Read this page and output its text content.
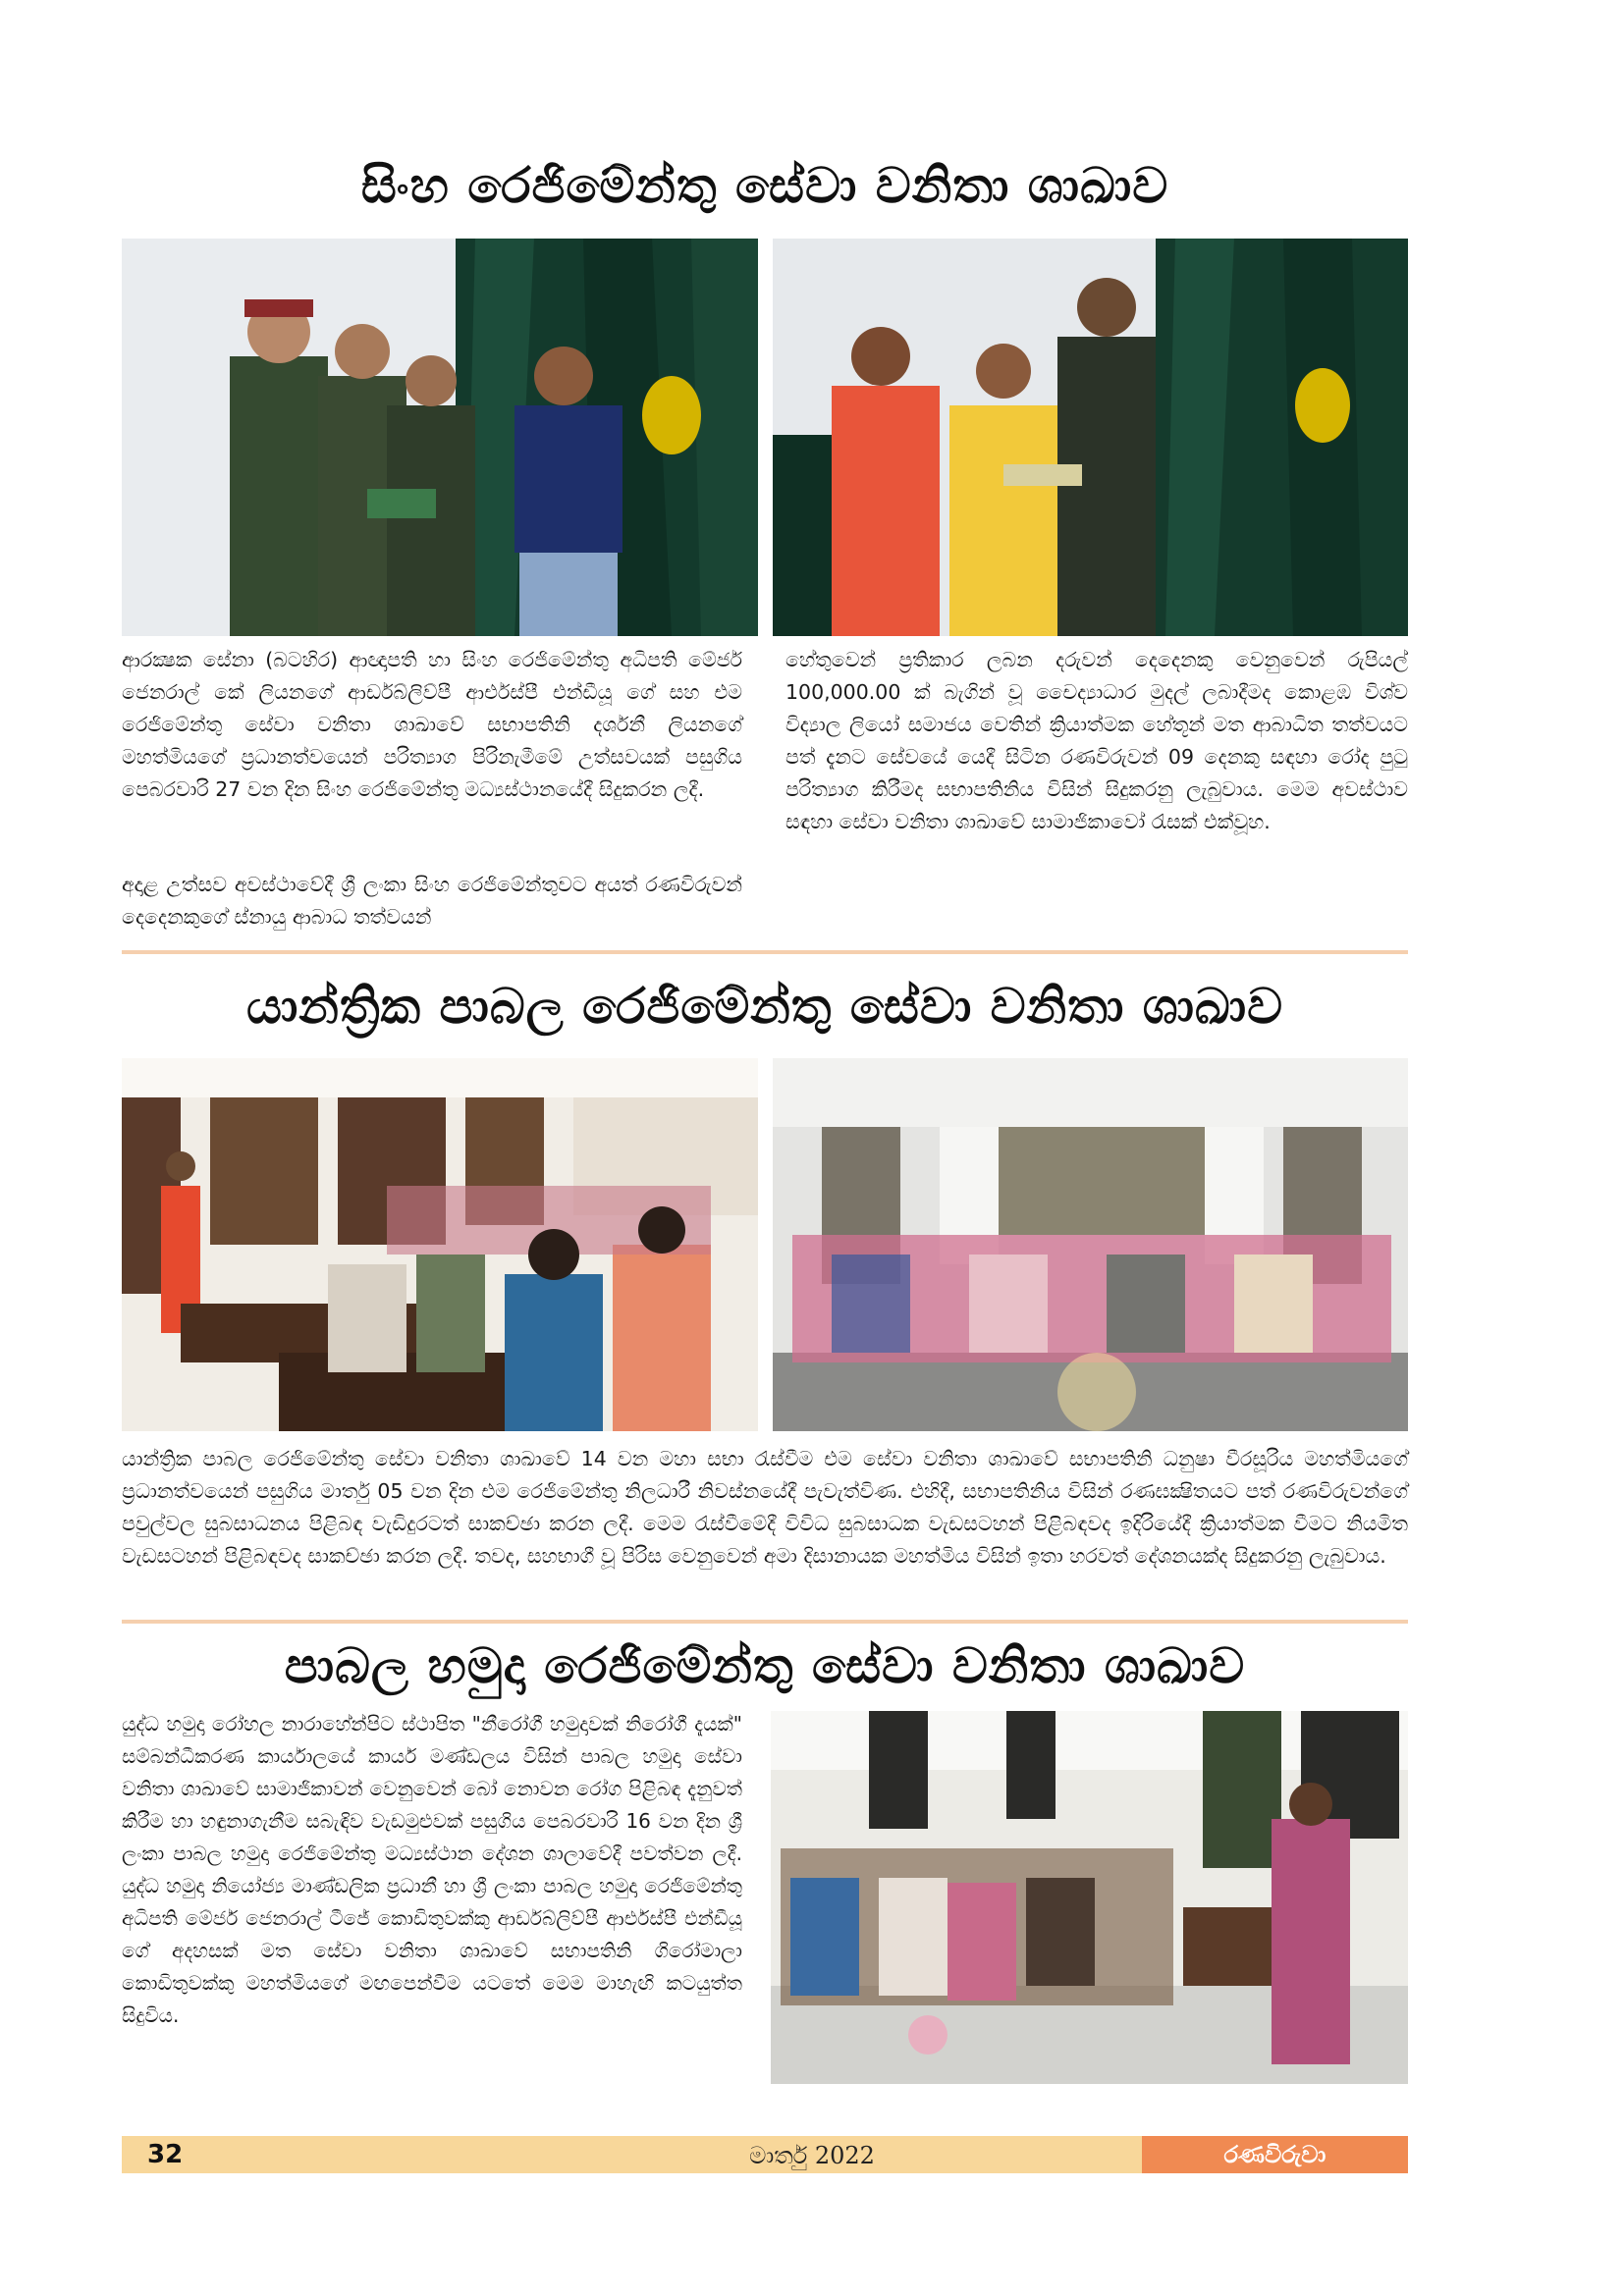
සිංහ රෙජිමේන්තු සේවා වනිතා ශාඛාව

ආරක්‍ෂක සේනා (බටහිර) ආඥාපති හා සිංහ රෙජිමේන්තු අධිපති මේජර් ජෙනරාල් කේ ලියනගේ ආර්ඩබ්ලිව්පී ආර්එස්පී එන්ඩීයූ ගේ සහ එම රෙජිමේන්තු සේවා වනිතා ශාඛාවේ සභාපතිනි දර්ශනී ලියනගේ මහත්මියගේ ප්‍රධානත්වයෙන් පරිත්‍යාග පිරිනැමීමේ උත්සවයක් පසුගිය පෙබරවාරි 27 වන දින සිංහ රෙජිමේන්තු මධ්‍යස්ථානයේදී සිදුකරන ලදී.

අදාළ උත්සව අවස්ථාවේදී ශ්‍රී ලංකා සිංහ රෙජිමේන්තුවට අයත් රණවිරුවන් දෙදෙනකුගේ ස්නායු ආබාධ තත්වයන්

හේතුවෙන් ප්‍රතිකාර ලබන දරුවන් දෙදෙනකු වෙනුවෙන් රුපියල් 100,000.00 ක් බැගින් වූ චෛද්‍යාධාර මුදල් ලබාදීමද කොළඹ විශ්ව විද්‍යාල ලියෝ සමාජය වෙතින් ක්‍රියාත්මක හේතූන් මත ආබාධිත තත්වයට පත් දැනට සේවයේ යෙදී සිටින රණවිරුවන් 09 දෙනකු සඳහා රෝද පුටු පරිත්‍යාග කිරීමද සභාපතිනිය විසින් සිදුකරනු ලැබුවාය. මෙම අවස්ථාව සඳහා සේවා වනිතා ශාඛාවේ සාමාජිකාවෝ රැසක් එක්වූහ.

යාන්ත්‍රික පාබල රෙජිමේන්තු සේවා වනිතා ශාඛාව

යාන්ත්‍රික පාබල රෙජිමේන්තු සේවා වනිතා ශාඛාවේ 14 වන මහා සභා රැස්වීම එම සේවා වනිතා ශාඛාවේ සභාපතිනි ධනුෂා වීරසූරිය මහත්මියගේ ප්‍රධානත්වයෙන් පසුගිය මාර්තු 05 වන දින එම රෙජිමේන්තු නිලධාරී නිවස්නයේදී පැවැත්විණ. එහිදී, සභාපතිනිය විසින් රණඝක්‍ෂිතයට පත් රණවිරුවන්ගේ පවුල්වල සුබසාධනය පිළිබඳ වැඩිදුරටත් සාකච්ඡා කරන ලදී. මෙම රැස්වීමේදී විවිධ සුබසාධක වැඩසටහන් පිළිබඳවද ඉදිරියේදී ක්‍රියාත්මක වීමට නියමිත වැඩසටහන් පිළිබඳවද සාකච්ඡා කරන ලදී. තවද, සහභාගී වූ පිරිස වෙනුවෙන් අමා දිසානායක මහත්මිය විසින් ඉතා හරවත් දේශනයක්ද සිදුකරනු ලැබුවාය.

පාබල හමුදා රෙජිමේන්තු සේවා වනිතා ශාඛාව

යුද්ධ හමුදා රෝහල නාරාහේන්පිට ස්ථාපිත "නීරෝගී හමුදාවක් නිරෝගී දැයක්" සම්බන්ධීකරණ කාර්යාලයේ කාර්ය මණ්ඩලය විසින් පාබල හමුදා සේවා වනිතා ශාඛාවේ සාමාජිකාවන් වෙනුවෙන් බෝ නොවන රෝග පිළිබඳ දැනුවත් කිරීම හා හඳුනාගැනීම සබැඳිව වැඩමුළුවක් පසුගිය පෙබරවාරි 16 වන දින ශ්‍රී ලංකා පාබල හමුදා රෙජිමේන්තු මධ්‍යස්ථාන දේශන ශාලාවේදී පවත්වන ලදී. යුද්ධ හමුදා නියෝජ්‍ය මාණ්ඩලික ප්‍රධානී හා ශ්‍රී ලංකා පාබල හමුදා රෙජිමේන්තු අධිපති මේජර් ජෙනරාල් ටීජේ කොඩිතුවක්කු ආර්ඩබ්ලිව්පී ආර්එස්පී එන්ඩීයූ ගේ අදහසක් මත සේවා වනිතා ශාඛාවේ සභාපතිනි ගිරෝමාලා කොඩිතුවක්කු මහත්මියගේ මඟපෙන්වීම යටතේ මෙම මාහැඟි කටයුත්ත සිදුවිය.

32	මාර්තු 2022	රණවිරුවා
